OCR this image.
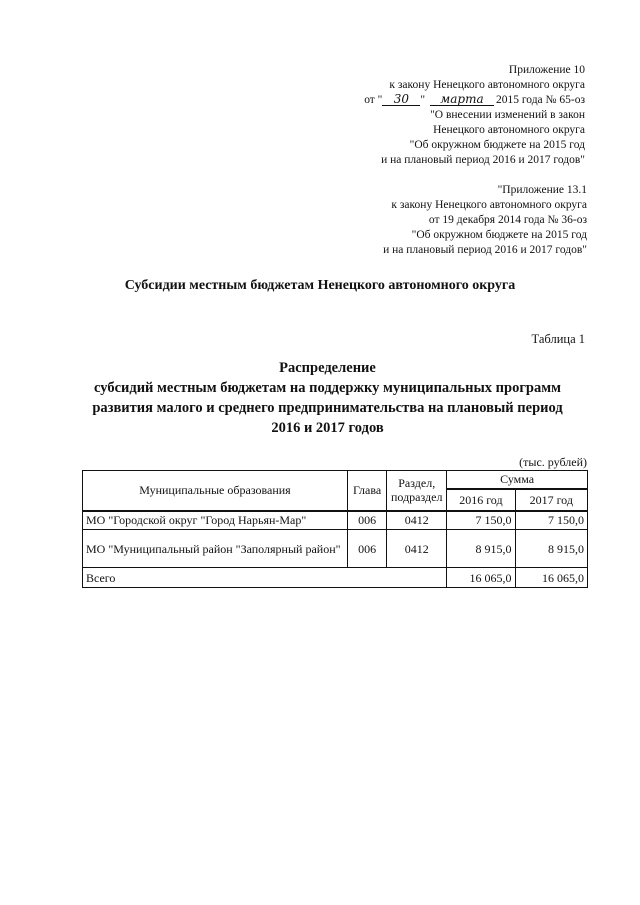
Приложение 10
к закону Ненецкого автономного округа
от " 30 " марта 2015 года № 65-оз
"О внесении изменений в закон
Ненецкого автономного округа
"Об окружном бюджете на 2015 год
и на плановый период 2016 и 2017 годов"
"Приложение 13.1
к закону Ненецкого автономного округа
от 19 декабря 2014 года № 36-оз
"Об окружном бюджете на 2015 год
и на плановый период 2016 и 2017 годов"
Субсидии местным бюджетам Ненецкого автономного округа
Таблица 1
Распределение
субсидий местным бюджетам на поддержку муниципальных программ
развития малого и среднего предпринимательства на плановый период
2016 и 2017 годов
(тыс. рублей)
Муниципальные образования	Глава	Раздел, подраздел	Сумма	
			2016 год	2017 год
МО "Городской округ "Город Нарьян-Мар"	006	0412	7 150,0	7 150,0
МО "Муниципальный район "Заполярный район"	006	0412	8 915,0	8 915,0
Всего			16 065,0	16 065,0
